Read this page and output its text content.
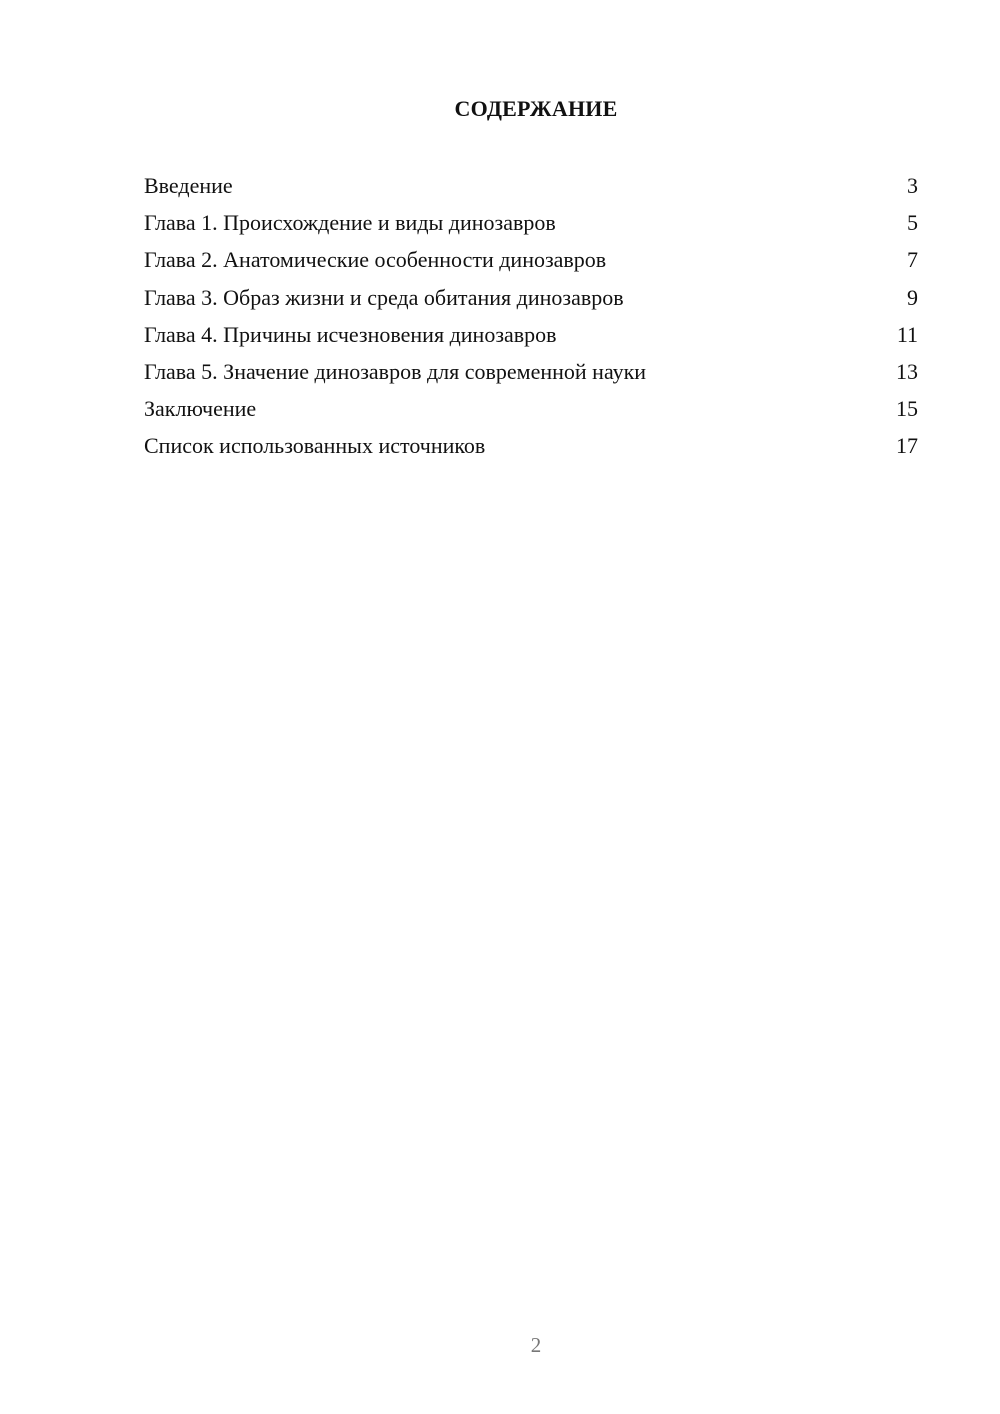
СОДЕРЖАНИЕ
Введение	3
Глава 1. Происхождение и виды динозавров	5
Глава 2. Анатомические особенности динозавров	7
Глава 3. Образ жизни и среда обитания динозавров	9
Глава 4. Причины исчезновения динозавров	11
Глава 5. Значение динозавров для современной науки	13
Заключение	15
Список использованных источников	17
2
